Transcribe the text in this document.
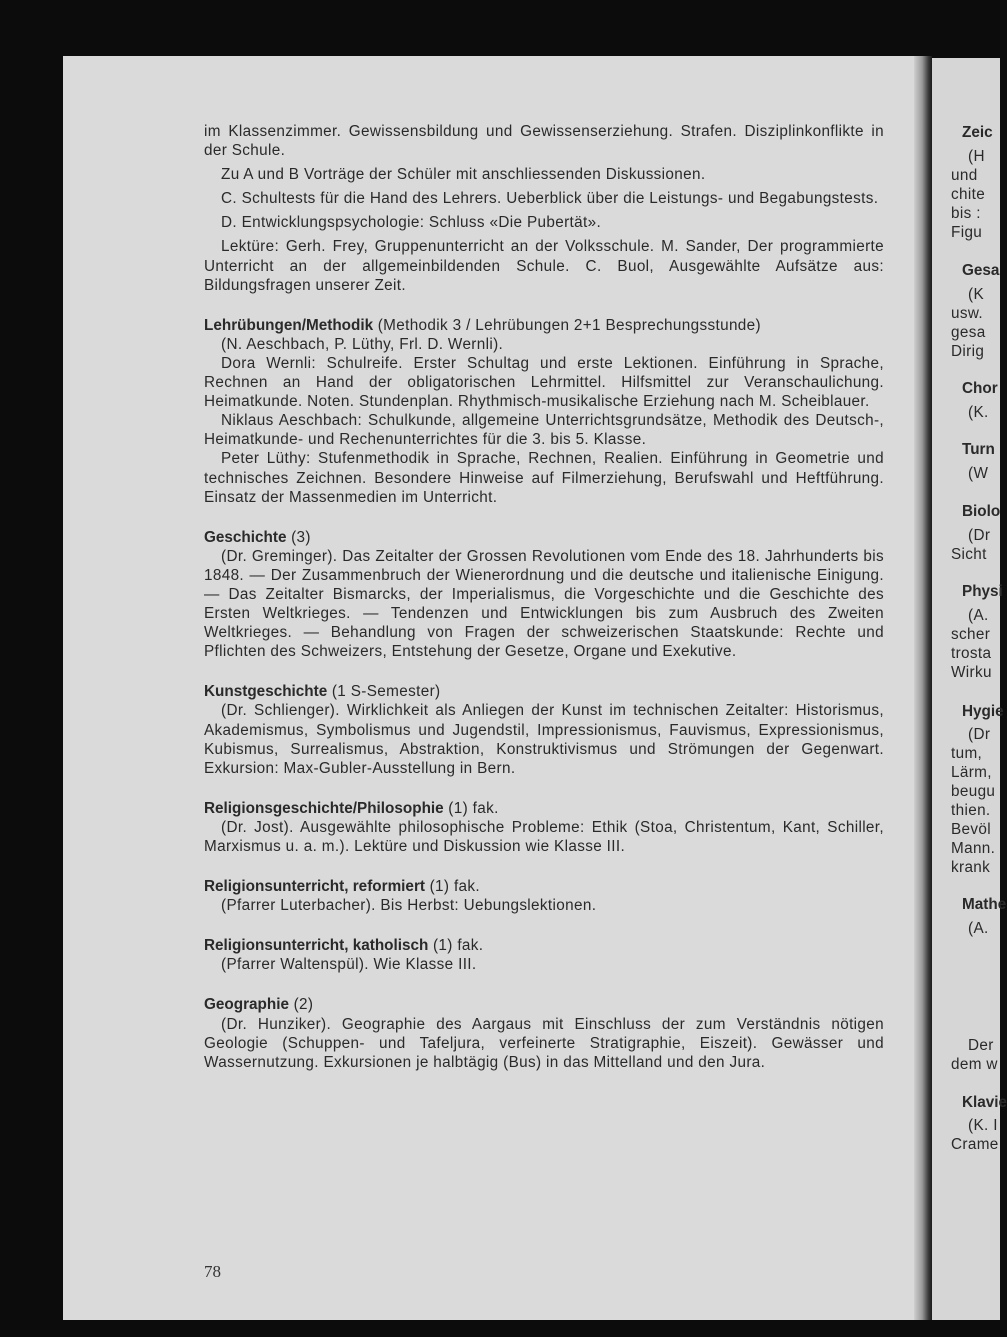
im Klassenzimmer. Gewissensbildung und Gewissenserziehung. Strafen. Disziplinkonflikte in der Schule.

Zu A und B Vorträge der Schüler mit anschliessenden Diskussionen.

C. Schultests für die Hand des Lehrers. Ueberblick über die Leistungs- und Begabungstests.

D. Entwicklungspsychologie: Schluss «Die Pubertät».

Lektüre: Gerh. Frey, Gruppenunterricht an der Volksschule. M. Sander, Der programmierte Unterricht an der allgemeinbildenden Schule. C. Buol, Ausgewählte Aufsätze aus: Bildungsfragen unserer Zeit.

Lehrübungen/Methodik (Methodik 3 / Lehrübungen 2+1 Besprechungsstunde)

(N. Aeschbach, P. Lüthy, Frl. D. Wernli).

Dora Wernli: Schulreife. Erster Schultag und erste Lektionen. Einführung in Sprache, Rechnen an Hand der obligatorischen Lehrmittel. Hilfsmittel zur Veranschaulichung. Heimatkunde. Noten. Stundenplan. Rhythmisch-musikalische Erziehung nach M. Scheiblauer.

Niklaus Aeschbach: Schulkunde, allgemeine Unterrichtsgrundsätze, Methodik des Deutsch-, Heimatkunde- und Rechenunterrichtes für die 3. bis 5. Klasse.

Peter Lüthy: Stufenmethodik in Sprache, Rechnen, Realien. Einführung in Geometrie und technisches Zeichnen. Besondere Hinweise auf Filmerziehung, Berufswahl und Heftführung. Einsatz der Massenmedien im Unterricht.

Geschichte (3)

(Dr. Greminger). Das Zeitalter der Grossen Revolutionen vom Ende des 18. Jahrhunderts bis 1848. — Der Zusammenbruch der Wienerordnung und die deutsche und italienische Einigung. — Das Zeitalter Bismarcks, der Imperialismus, die Vorgeschichte und die Geschichte des Ersten Weltkrieges. — Tendenzen und Entwicklungen bis zum Ausbruch des Zweiten Weltkrieges. — Behandlung von Fragen der schweizerischen Staatskunde: Rechte und Pflichten des Schweizers, Entstehung der Gesetze, Organe und Exekutive.

Kunstgeschichte (1 S-Semester)

(Dr. Schlienger). Wirklichkeit als Anliegen der Kunst im technischen Zeitalter: Historismus, Akademismus, Symbolismus und Jugendstil, Impressionismus, Fauvismus, Expressionismus, Kubismus, Surrealismus, Abstraktion, Konstruktivismus und Strömungen der Gegenwart. Exkursion: Max-Gubler-Ausstellung in Bern.

Religionsgeschichte/Philosophie (1) fak.

(Dr. Jost). Ausgewählte philosophische Probleme: Ethik (Stoa, Christentum, Kant, Schiller, Marxismus u. a. m.). Lektüre und Diskussion wie Klasse III.

Religionsunterricht, reformiert (1) fak.

(Pfarrer Luterbacher). Bis Herbst: Uebungslektionen.

Religionsunterricht, katholisch (1) fak.

(Pfarrer Waltenspül). Wie Klasse III.

Geographie (2)

(Dr. Hunziker). Geographie des Aargaus mit Einschluss der zum Verständnis nötigen Geologie (Schuppen- und Tafeljura, verfeinerte Stratigraphie, Eiszeit). Gewässer und Wassernutzung. Exkursionen je halbtägig (Bus) in das Mittelland und den Jura.

78
Zeic
(H
und
chite
bis :
Figu
Gesa
(K
usw.
gesa
Dirig
Chor
(K.
Turn
(W
Biolo
(Dr
Sicht
Physi
(A.
scher
trosta
Wirku
Hygie
(Dr
tum,
Lärm,
beugu
thien.
Bevöl
Mann.
krank
Mathe
(A.
Der
dem w
Klavie
(K. I
Crame
